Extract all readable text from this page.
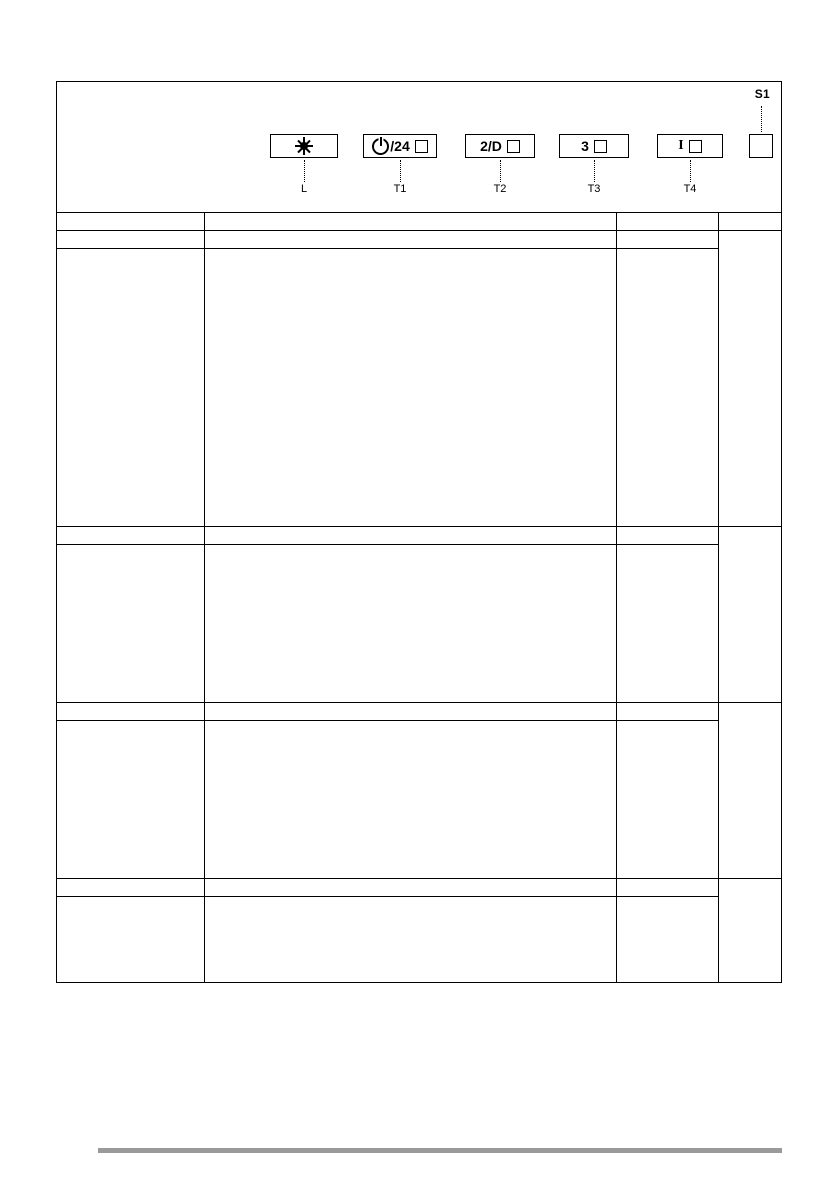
S1
/24	2/D	3	I
L	T1	T2	T3	T4
